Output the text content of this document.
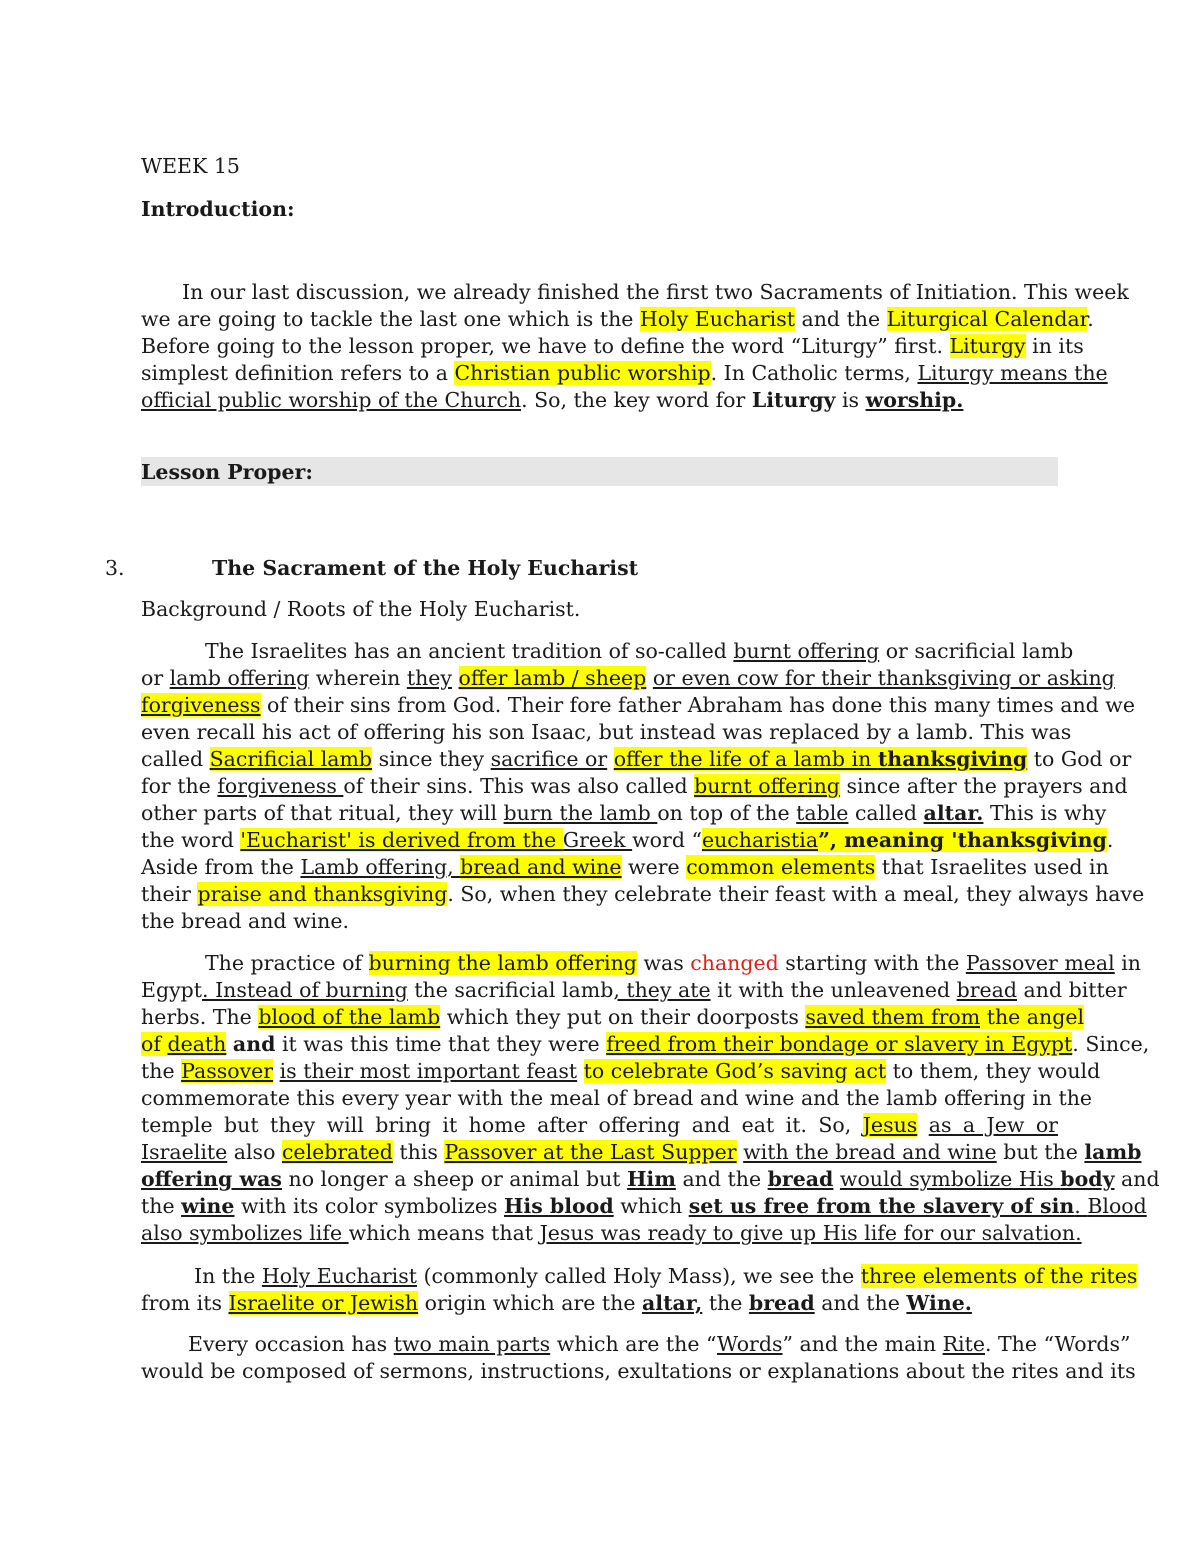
WEEK 15
Introduction:
In our last discussion, we already finished the first two Sacraments of Initiation. This week
we are going to tackle the last one which is the Holy Eucharist and the Liturgical Calendar.
Before going to the lesson proper, we have to define the word “Liturgy” first. Liturgy in its
simplest definition refers to a Christian public worship. In Catholic terms, Liturgy means the
official public worship of the Church. So, the key word for Liturgy is worship.
Lesson Proper:
3.	The Sacrament of the Holy Eucharist
Background / Roots of the Holy Eucharist.
The Israelites has an ancient tradition of so-called burnt offering or sacrificial lamb
or lamb offering wherein they offer lamb / sheep or even cow for their thanksgiving or asking
forgiveness of their sins from God. Their fore father Abraham has done this many times and we
even recall his act of offering his son Isaac, but instead was replaced by a lamb. This was
called Sacrificial lamb since they sacrifice or offer the life of a lamb in thanksgiving to God or
for the forgiveness of their sins. This was also called burnt offering since after the prayers and
other parts of that ritual, they will burn the lamb on top of the table called altar. This is why
the word 'Eucharist' is derived from the Greek word “eucharistia”, meaning 'thanksgiving.
Aside from the Lamb offering, bread and wine were common elements that Israelites used in
their praise and thanksgiving. So, when they celebrate their feast with a meal, they always have
the bread and wine.
The practice of burning the lamb offering was changed starting with the Passover meal in
Egypt. Instead of burning the sacrificial lamb, they ate it with the unleavened bread and bitter
herbs. The blood of the lamb which they put on their doorposts saved them from the angel
of death and it was this time that they were freed from their bondage or slavery in Egypt. Since,
the Passover is their most important feast to celebrate God’s saving act to them, they would
commemorate this every year with the meal of bread and wine and the lamb offering in the
temple but they will bring it home after offering and eat it. So, Jesus as a Jew or
Israelite also celebrated this Passover at the Last Supper with the bread and wine but the lamb
offering was no longer a sheep or animal but Him and the bread would symbolize His body and
the wine with its color symbolizes His blood which set us free from the slavery of sin. Blood
also symbolizes life which means that Jesus was ready to give up His life for our salvation.
In the Holy Eucharist (commonly called Holy Mass), we see the three elements of the rites
from its Israelite or Jewish origin which are the altar, the bread and the Wine.
Every occasion has two main parts which are the “Words” and the main Rite. The “Words”
would be composed of sermons, instructions, exultations or explanations about the rites and its
